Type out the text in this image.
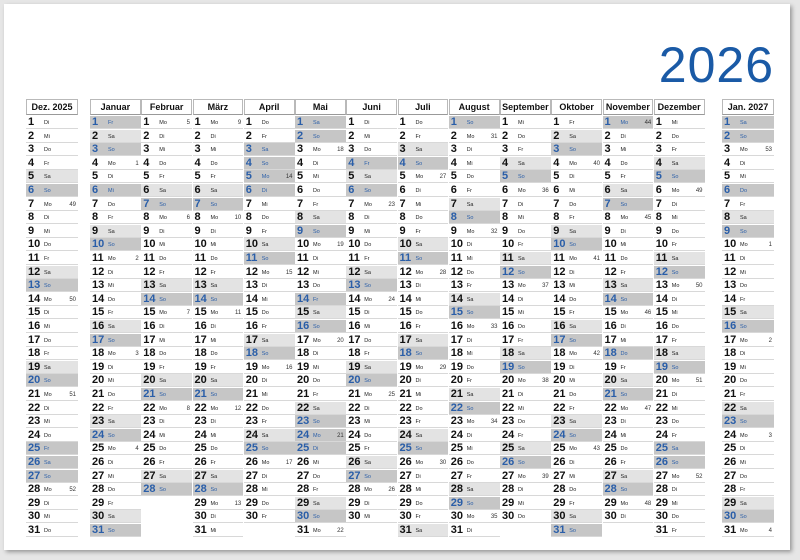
2026
Dez. 2025
1 Di
2 Mi
3 Do
4 Fr
5 Sa
6 So
7 Mo	49
8 Di
9 Mi
10 Do
11 Fr
12 Sa
13 So
14 Mo	50
15 Di
16 Mi
17 Do
18 Fr
19 Sa
20 So
21 Mo	51
22 Di
23 Mi
24 Do
25 Fr
26 Sa
27 So
28 Mo	52
29 Di
30 Mi
31 Do
Januar
1 Fr
2 Sa
3 So
4 Mo	1
5 Di
6 Mi
7 Do
8 Fr
9 Sa
10 So
11 Mo	2
12 Di
13 Mi
14 Do
15 Fr
16 Sa
17 So
18 Mo	3
19 Di
20 Mi
21 Do
22 Fr
23 Sa
24 So
25 Mo	4
26 Di
27 Mi
28 Do
29 Fr
30 Sa
31 So
Februar
1 Mo	5
2 Di
3 Mi
4 Do
5 Fr
6 Sa
7 So
8 Mo	6
9 Di
10 Mi
11 Do
12 Fr
13 Sa
14 So
15 Mo	7
16 Di
17 Mi
18 Do
19 Fr
20 Sa
21 So
22 Mo	8
23 Di
24 Mi
25 Do
26 Fr
27 Sa
28 So
März
1 Mo	9
2 Di
3 Mi
4 Do
5 Fr
6 Sa
7 So
8 Mo	10
9 Di
10 Mi
11 Do
12 Fr
13 Sa
14 So
15 Mo	11
16 Di
17 Mi
18 Do
19 Fr
20 Sa
21 So
22 Mo	12
23 Di
24 Mi
25 Do
26 Fr
27 Sa
28 So
29 Mo	13
30 Di
31 Mi
April
1 Do
2 Fr
3 Sa
4 So
5 Mo	14
6 Di
7 Mi
8 Do
9 Fr
10 Sa
11 So
12 Mo	15
13 Di
14 Mi
15 Do
16 Fr
17 Sa
18 So
19 Mo	16
20 Di
21 Mi
22 Do
23 Fr
24 Sa
25 So
26 Mo	17
27 Di
28 Mi
29 Do
30 Fr
Mai
1 Sa
2 So
3 Mo	18
4 Di
5 Mi
6 Do
7 Fr
8 Sa
9 So
10 Mo	19
11 Di
12 Mi
13 Do
14 Fr
15 Sa
16 So
17 Mo	20
18 Di
19 Mi
20 Do
21 Fr
22 Sa
23 So
24 Mo	21
25 Di
26 Mi
27 Do
28 Fr
29 Sa
30 So
31 Mo	22
Juni
1 Di
2 Mi
3 Do
4 Fr
5 Sa
6 So
7 Mo	23
8 Di
9 Mi
10 Do
11 Fr
12 Sa
13 So
14 Mo	24
15 Di
16 Mi
17 Do
18 Fr
19 Sa
20 So
21 Mo	25
22 Di
23 Mi
24 Do
25 Fr
26 Sa
27 So
28 Mo	26
29 Di
30 Mi
Juli
1 Do
2 Fr
3 Sa
4 So
5 Mo	27
6 Di
7 Mi
8 Do
9 Fr
10 Sa
11 So
12 Mo	28
13 Di
14 Mi
15 Do
16 Fr
17 Sa
18 So
19 Mo	29
20 Di
21 Mi
22 Do
23 Fr
24 Sa
25 So
26 Mo	30
27 Di
28 Mi
29 Do
30 Fr
31 Sa
August
1 So
2 Mo	31
3 Di
4 Mi
5 Do
6 Fr
7 Sa
8 So
9 Mo	32
10 Di
11 Mi
12 Do
13 Fr
14 Sa
15 So
16 Mo	33
17 Di
18 Mi
19 Do
20 Fr
21 Sa
22 So
23 Mo	34
24 Di
25 Mi
26 Do
27 Fr
28 Sa
29 So
30 Mo	35
31 Di
September
1 Mi
2 Do
3 Fr
4 Sa
5 So
6 Mo	36
7 Di
8 Mi
9 Do
10 Fr
11 Sa
12 So
13 Mo	37
14 Di
15 Mi
16 Do
17 Fr
18 Sa
19 So
20 Mo	38
21 Di
22 Mi
23 Do
24 Fr
25 Sa
26 So
27 Mo	39
28 Di
29 Mi
30 Do
Oktober
1 Fr
2 Sa
3 So
4 Mo	40
5 Di
6 Mi
7 Do
8 Fr
9 Sa
10 So
11 Mo	41
12 Di
13 Mi
14 Do
15 Fr
16 Sa
17 So
18 Mo	42
19 Di
20 Mi
21 Do
22 Fr
23 Sa
24 So
25 Mo	43
26 Di
27 Mi
28 Do
29 Fr
30 Sa
31 So
November
1 Mo	44
2 Di
3 Mi
4 Do
5 Fr
6 Sa
7 So
8 Mo	45
9 Di
10 Mi
11 Do
12 Fr
13 Sa
14 So
15 Mo	46
16 Di
17 Mi
18 Do
19 Fr
20 Sa
21 So
22 Mo	47
23 Di
24 Mi
25 Do
26 Fr
27 Sa
28 So
29 Mo	48
30 Di
Dezember
1 Mi
2 Do
3 Fr
4 Sa
5 So
6 Mo	49
7 Di
8 Mi
9 Do
10 Fr
11 Sa
12 So
13 Mo	50
14 Di
15 Mi
16 Do
17 Fr
18 Sa
19 So
20 Mo	51
21 Di
22 Mi
23 Do
24 Fr
25 Sa
26 So
27 Mo	52
28 Di
29 Mi
30 Do
31 Fr
Jan. 2027
1 Sa
2 So
3 Mo	53
4 Di
5 Mi
6 Do
7 Fr
8 Sa
9 So
10 Mo	1
11 Di
12 Mi
13 Do
14 Fr
15 Sa
16 So
17 Mo	2
18 Di
19 Mi
20 Do
21 Fr
22 Sa
23 So
24 Mo	3
25 Di
26 Mi
27 Do
28 Fr
29 Sa
30 So
31 Mo	4
